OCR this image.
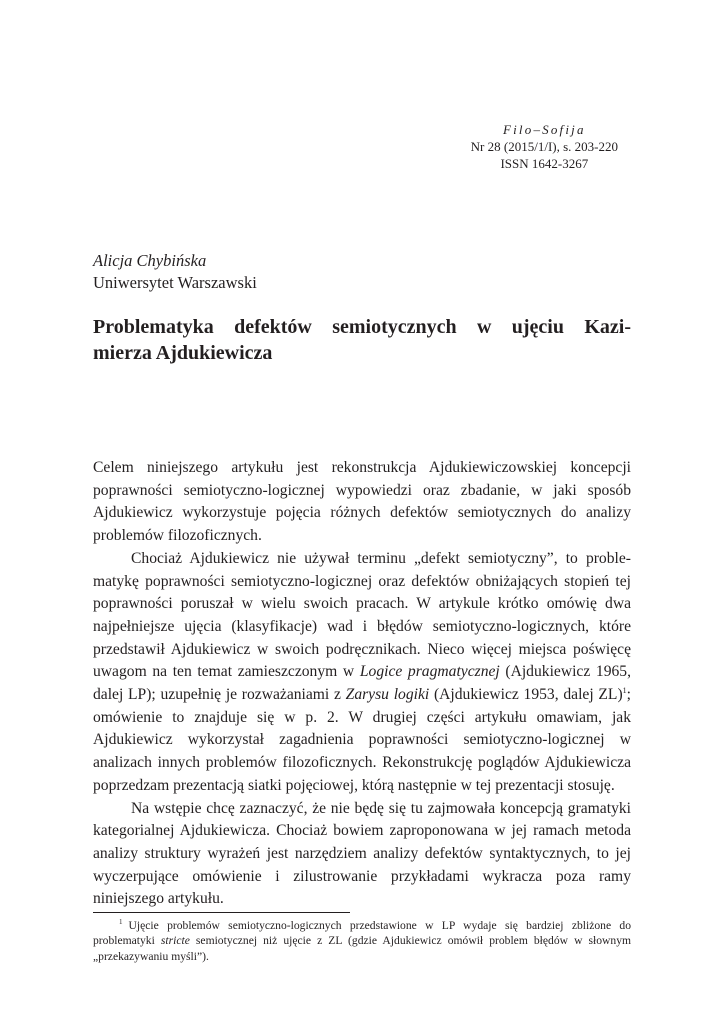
Filo–Sofija
Nr 28 (2015/1/I), s. 203-220
ISSN 1642-3267
Alicja Chybińska
Uniwersytet Warszawski
Problematyka defektów semiotycznych w ujęciu Kazi-
mierza Ajdukiewicza

Celem niniejszego artykułu jest rekonstrukcja Ajdukiewiczowskiej koncepcji poprawności semiotyczno-logicznej wypowiedzi oraz zbadanie, w jaki sposób Ajdukiewicz wykorzystuje pojęcia różnych defektów semiotycznych do analizy problemów filozoficznych.

Chociaż Ajdukiewicz nie używał terminu „defekt semiotyczny”, to problematykę poprawności semiotyczno-logicznej oraz defektów obniżających stopień tej poprawności poruszał w wielu swoich pracach. W artykule krótko omówię dwa najpełniejsze ujęcia (klasyfikacje) wad i błędów semiotyczno-logicznych, które przedstawił Ajdukiewicz w swoich podręcznikach. Nieco więcej miejsca poświęcę uwagom na ten temat zamieszczonym w Logice pragmatycznej (Ajdukiewicz 1965, dalej LP); uzupełnię je rozważaniami z Zarysu logiki (Ajdukiewicz 1953, dalej ZL)$^1$; omówienie to znajduje się w p. 2. W drugiej części artykułu omawiam, jak Ajdukiewicz wykorzystał zagadnienia poprawności semiotyczno-logicznej w analizach innych problemów filozoficznych. Rekonstrukcję poglądów Ajdukiewicza poprzedzam prezentacją siatki pojęciowej, którą następnie w tej prezentacji stosuję.

Na wstępie chcę zaznaczyć, że nie będę się tu zajmowała koncepcją gramatyki kategorialnej Ajdukiewicza. Chociaż bowiem zaproponowana w jej ramach metoda analizy struktury wyrażeń jest narzędziem analizy defektów syntaktycznych, to jej wyczerpujące omówienie i zilustrowanie przykładami wykracza poza ramy niniejszego artykułu.

$^1$ Ujęcie problemów semiotyczno-logicznych przedstawione w LP wydaje się bardziej zbliżone do problematyki stricte semiotycznej niż ujęcie z ZL (gdzie Ajdukiewicz omówił problem błędów w słownym „przekazywaniu myśli”).
